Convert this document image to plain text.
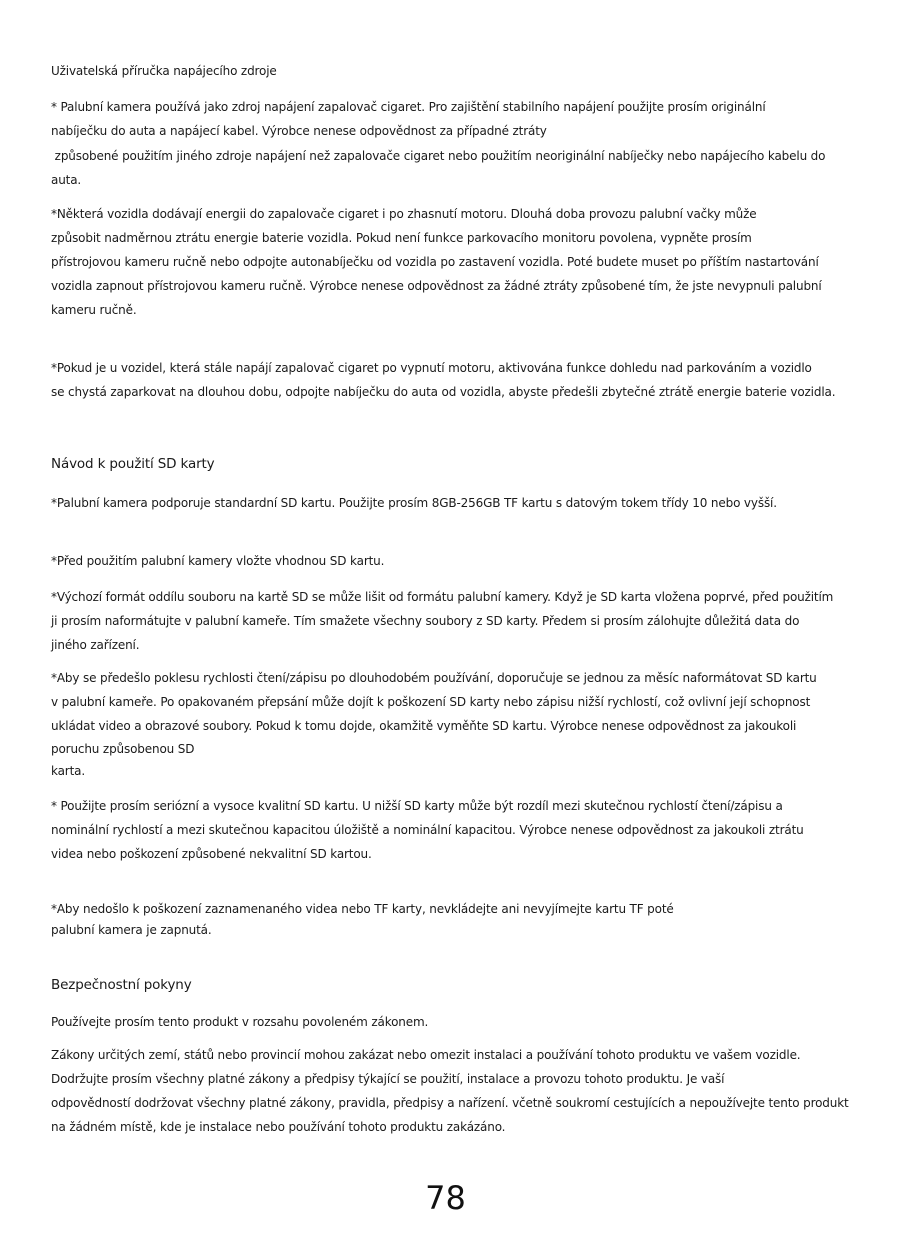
Uživatelská příručka napájecího zdroje
* Palubní kamera používá jako zdroj napájení zapalovač cigaret. Pro zajištění stabilního napájení použijte prosím originální
nabíječku do auta a napájecí kabel. Výrobce nenese odpovědnost za případné ztráty
způsobené použitím jiného zdroje napájení než zapalovače cigaret nebo použitím neoriginální nabíječky nebo napájecího kabelu do
auta.
*Některá vozidla dodávají energii do zapalovače cigaret i po zhasnutí motoru. Dlouhá doba provozu palubní vačky může
způsobit nadměrnou ztrátu energie baterie vozidla. Pokud není funkce parkovacího monitoru povolena, vypněte prosím
přístrojovou kameru ručně nebo odpojte autonabíječku od vozidla po zastavení vozidla. Poté budete muset po příštím nastartování
vozidla zapnout přístrojovou kameru ručně. Výrobce nenese odpovědnost za žádné ztráty způsobené tím, že jste nevypnuli palubní
kameru ručně.
*Pokud je u vozidel, která stále napájí zapalovač cigaret po vypnutí motoru, aktivována funkce dohledu nad parkováním a vozidlo
se chystá zaparkovat na dlouhou dobu, odpojte nabíječku do auta od vozidla, abyste předešli zbytečné ztrátě energie baterie vozidla.
Návod k použití SD karty
*Palubní kamera podporuje standardní SD kartu. Použijte prosím 8GB-256GB TF kartu s datovým tokem třídy 10 nebo vyšší.
*Před použitím palubní kamery vložte vhodnou SD kartu.
*Výchozí formát oddílu souboru na kartě SD se může lišit od formátu palubní kamery. Když je SD karta vložena poprvé, před použitím
ji prosím naformátujte v palubní kameře. Tím smažete všechny soubory z SD karty. Předem si prosím zálohujte důležitá data do
jiného zařízení.
*Aby se předešlo poklesu rychlosti čtení/zápisu po dlouhodobém používání, doporučuje se jednou za měsíc naformátovat SD kartu
v palubní kameře. Po opakovaném přepsání může dojít k poškození SD karty nebo zápisu nižší rychlostí, což ovlivní její schopnost
ukládat video a obrazové soubory. Pokud k tomu dojde, okamžitě vyměňte SD kartu. Výrobce nenese odpovědnost za jakoukoli
poruchu způsobenou SD
karta.
* Použijte prosím seriózní a vysoce kvalitní SD kartu. U nižší SD karty může být rozdíl mezi skutečnou rychlostí čtení/zápisu a
nominální rychlostí a mezi skutečnou kapacitou úložiště a nominální kapacitou. Výrobce nenese odpovědnost za jakoukoli ztrátu
videa nebo poškození způsobené nekvalitní SD kartou.
*Aby nedošlo k poškození zaznamenaného videa nebo TF karty, nevkládejte ani nevyjímejte kartu TF poté
palubní kamera je zapnutá.
Bezpečnostní pokyny
Používejte prosím tento produkt v rozsahu povoleném zákonem.
Zákony určitých zemí, států nebo provincií mohou zakázat nebo omezit instalaci a používání tohoto produktu ve vašem vozidle.
Dodržujte prosím všechny platné zákony a předpisy týkající se použití, instalace a provozu tohoto produktu. Je vaší
odpovědností dodržovat všechny platné zákony, pravidla, předpisy a nařízení. včetně soukromí cestujících a nepoužívejte tento produkt
na žádném místě, kde je instalace nebo používání tohoto produktu zakázáno.
78
